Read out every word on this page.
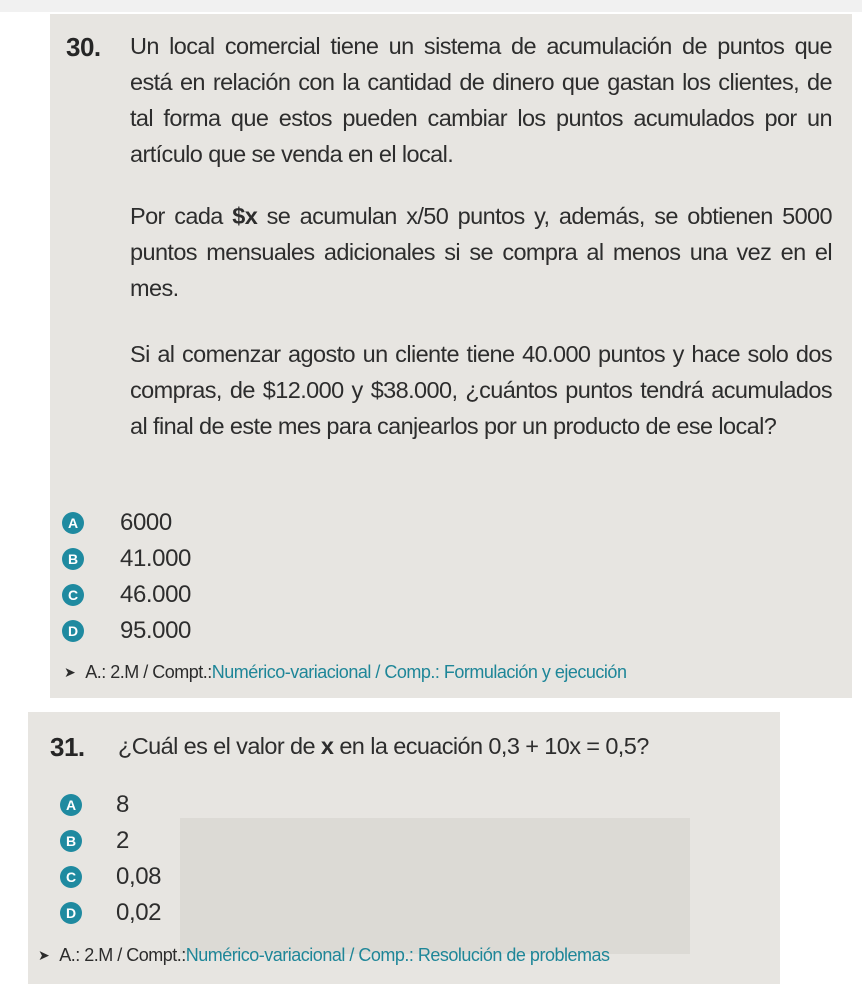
30. Un local comercial tiene un sistema de acumulación de puntos que está en relación con la cantidad de dinero que gastan los clientes, de tal forma que estos pueden cambiar los puntos acumulados por un artículo que se venda en el local.
Por cada $x se acumulan x/50 puntos y, además, se obtienen 5000 puntos mensuales adicionales si se compra al menos una vez en el mes.
Si al comenzar agosto un cliente tiene 40.000 puntos y hace solo dos compras, de $12.000 y $38.000, ¿cuántos puntos tendrá acumulados al final de este mes para canjearlos por un producto de ese local?
A 6000
B 41.000
C 46.000
D 95.000
➤ A.: 2.M / Compt.: Numérico-variacional / Comp.: Formulación y ejecución
31. ¿Cuál es el valor de x en la ecuación 0,3 + 10x = 0,5?
A 8
B 2
C 0,08
D 0,02
➤ A.: 2.M / Compt.: Numérico-variacional / Comp.: Resolución de problemas
